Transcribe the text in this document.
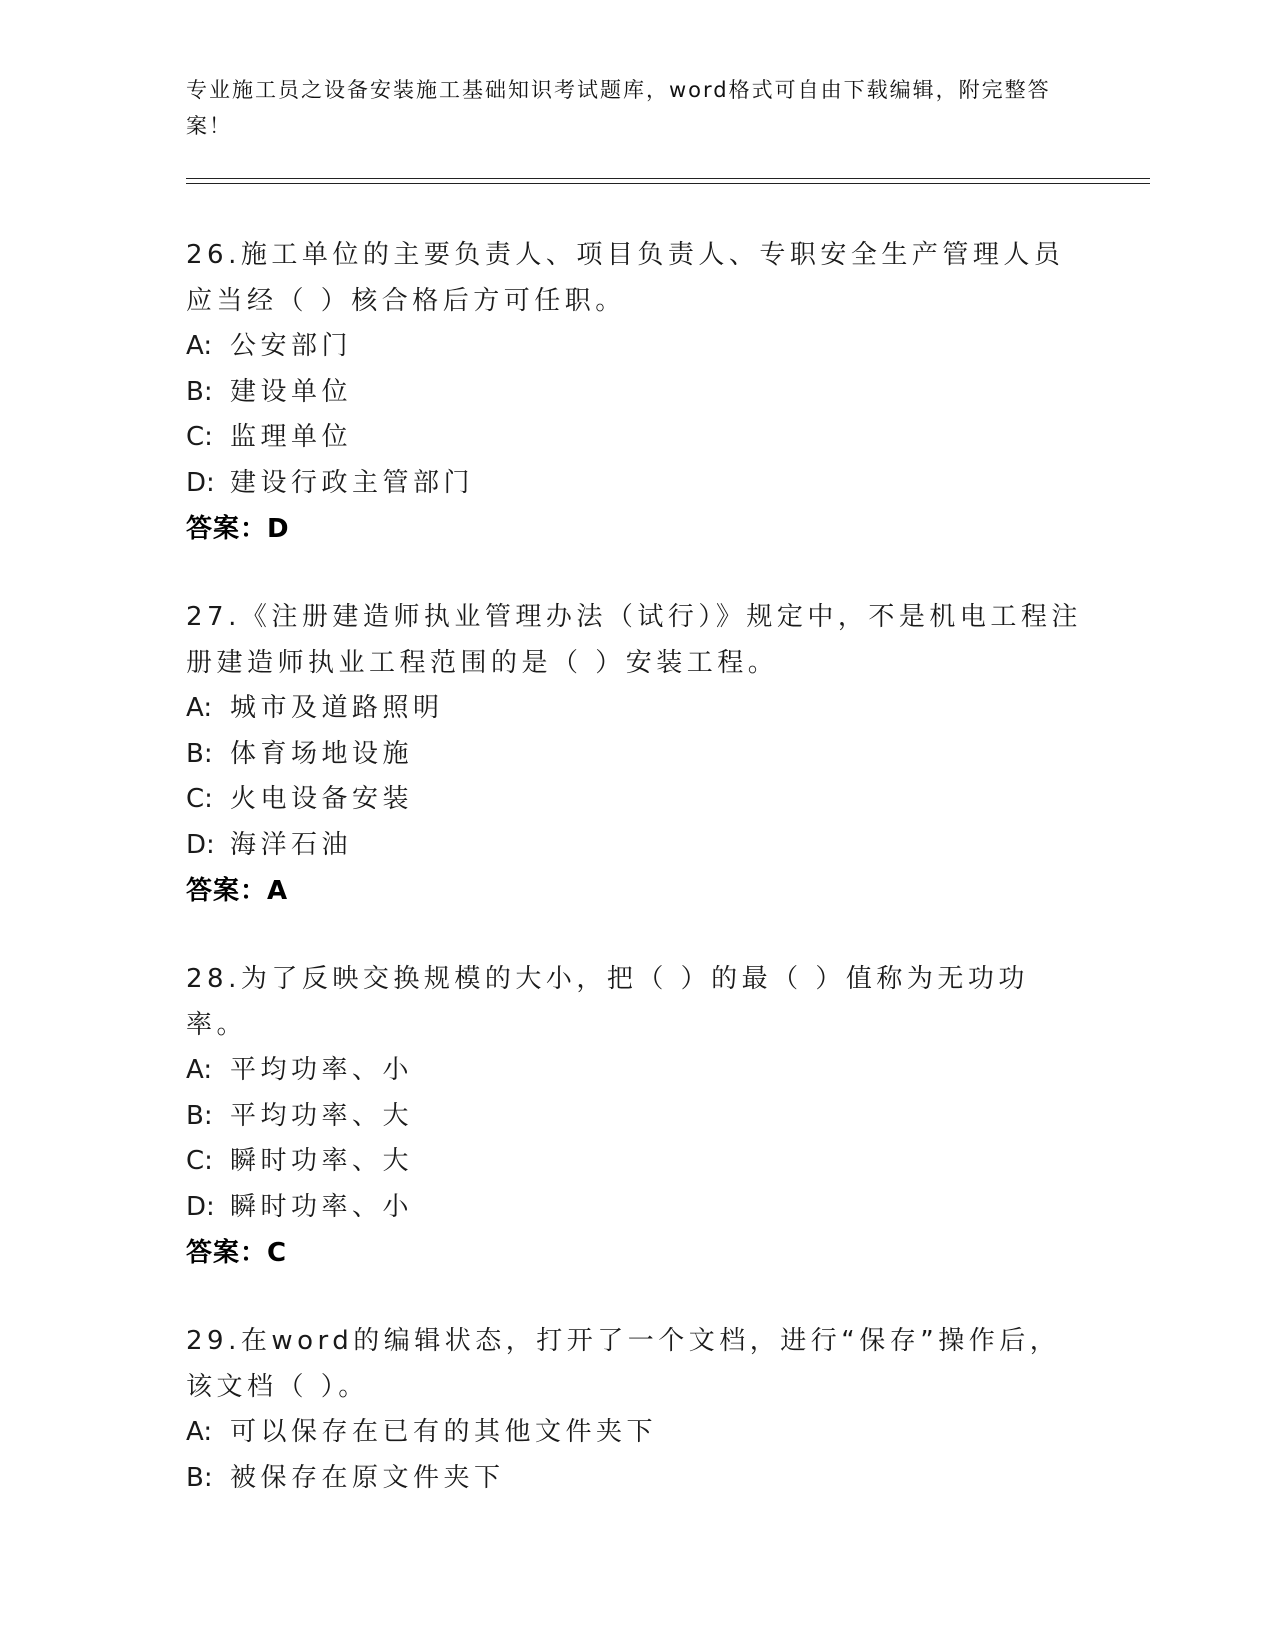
专业施工员之设备安装施工基础知识考试题库，word格式可自由下载编辑，附完整答案！

26.施工单位的主要负责人、项目负责人、专职安全生产管理人员应当经（ ）核合格后方可任职。

A: 公安部门

B: 建设单位

C: 监理单位

D: 建设行政主管部门

答案：D

27.《注册建造师执业管理办法（试行）》规定中，不是机电工程注册建造师执业工程范围的是（ ）安装工程。

A: 城市及道路照明

B: 体育场地设施

C: 火电设备安装

D: 海洋石油

答案：A

28.为了反映交换规模的大小，把（ ）的最（ ）值称为无功功率。

A: 平均功率、小

B: 平均功率、大

C: 瞬时功率、大

D: 瞬时功率、小

答案：C

29.在word的编辑状态，打开了一个文档，进行“保存”操作后，该文档（ ）。

A: 可以保存在已有的其他文件夹下

B: 被保存在原文件夹下
